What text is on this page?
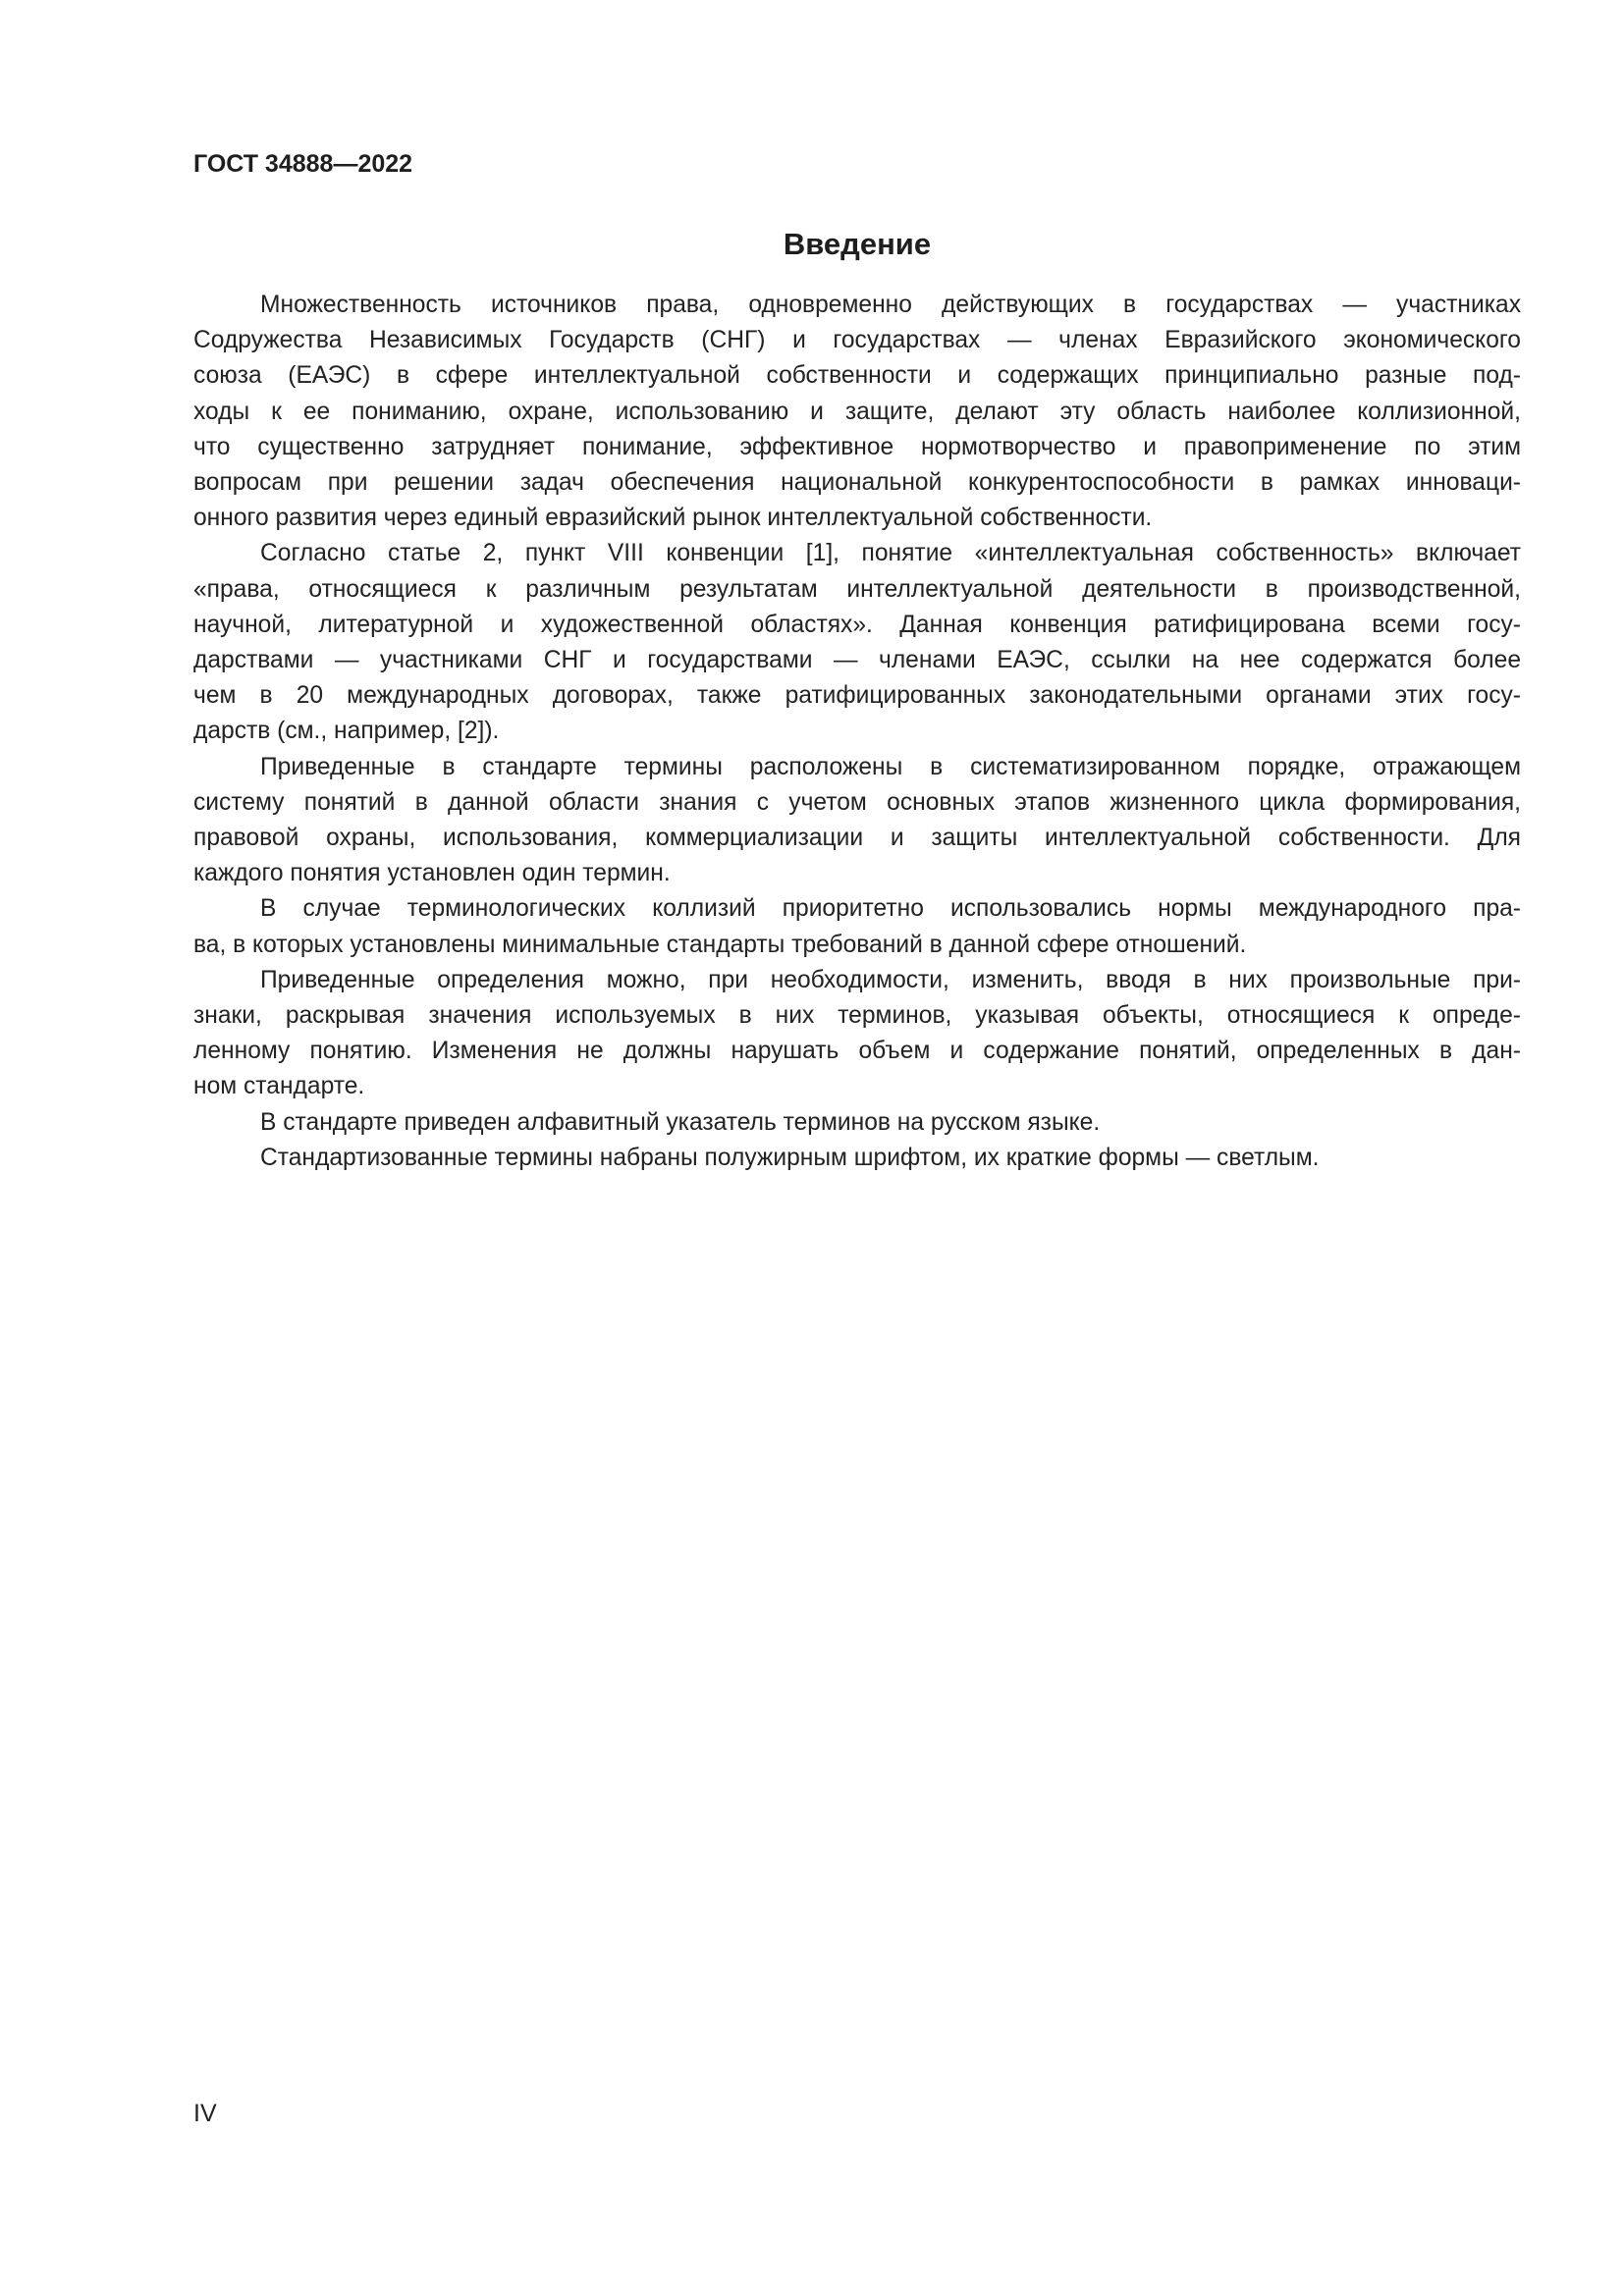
ГОСТ 34888—2022
Введение

Множественность источников права, одновременно действующих в государствах — участниках
Содружества Независимых Государств (СНГ) и государствах — членах Евразийского экономического
союза (ЕАЭС) в сфере интеллектуальной собственности и содержащих принципиально разные под-
ходы к ее пониманию, охране, использованию и защите, делают эту область наиболее коллизионной,
что существенно затрудняет понимание, эффективное нормотворчество и правоприменение по этим
вопросам при решении задач обеспечения национальной конкурентоспособности в рамках инноваци-
онного развития через единый евразийский рынок интеллектуальной собственности.

Согласно статье 2, пункт VIII конвенции [1], понятие «интеллектуальная собственность» включает
«права, относящиеся к различным результатам интеллектуальной деятельности в производственной,
научной, литературной и художественной областях». Данная конвенция ратифицирована всеми госу-
дарствами — участниками СНГ и государствами — членами ЕАЭС, ссылки на нее содержатся более
чем в 20 международных договорах, также ратифицированных законодательными органами этих госу-
дарств (см., например, [2]).

Приведенные в стандарте термины расположены в систематизированном порядке, отражающем
систему понятий в данной области знания с учетом основных этапов жизненного цикла формирования,
правовой охраны, использования, коммерциализации и защиты интеллектуальной собственности. Для
каждого понятия установлен один термин.

В случае терминологических коллизий приоритетно использовались нормы международного пра-
ва, в которых установлены минимальные стандарты требований в данной сфере отношений.

Приведенные определения можно, при необходимости, изменить, вводя в них произвольные при-
знаки, раскрывая значения используемых в них терминов, указывая объекты, относящиеся к опреде-
ленному понятию. Изменения не должны нарушать объем и содержание понятий, определенных в дан-
ном стандарте.

В стандарте приведен алфавитный указатель терминов на русском языке.

Стандартизованные термины набраны полужирным шрифтом, их краткие формы — светлым.

IV
